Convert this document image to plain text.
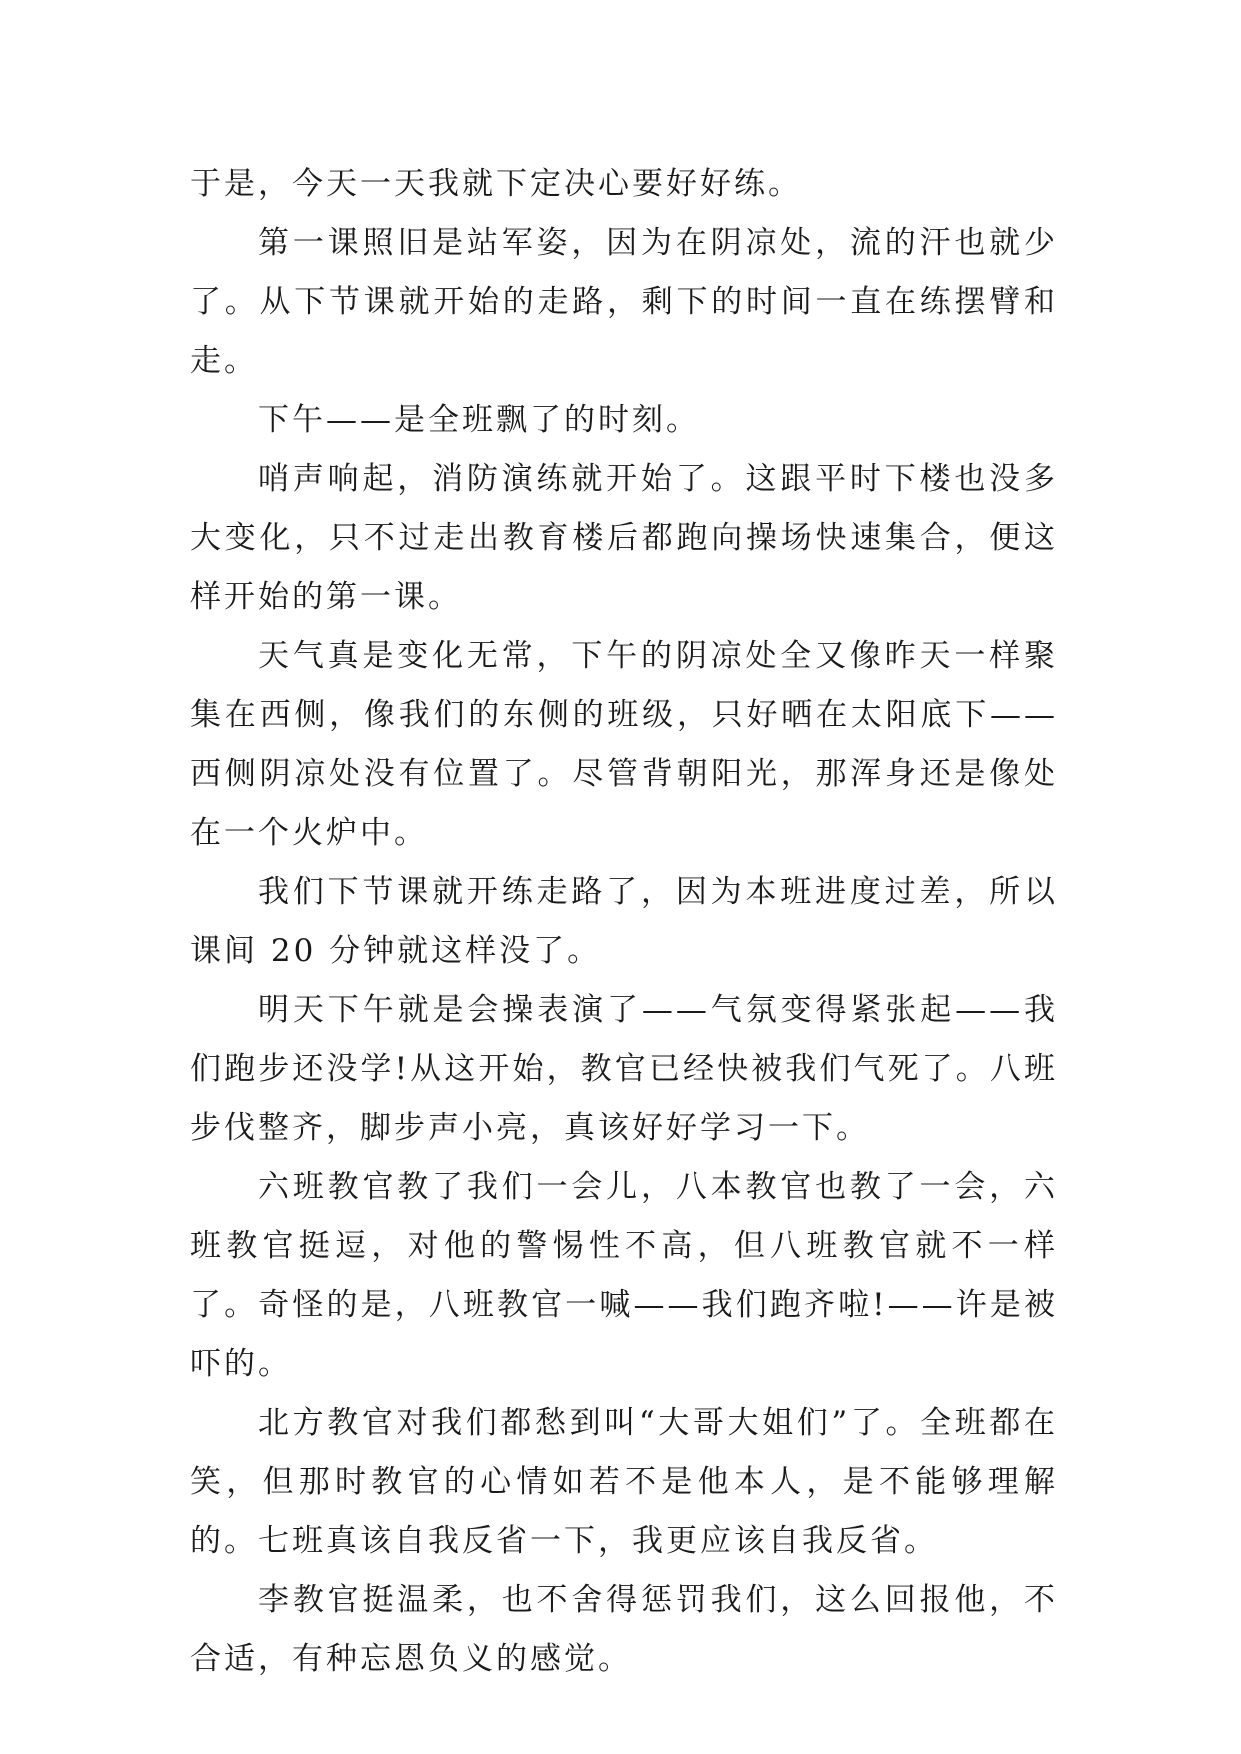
于是，今天一天我就下定决心要好好练。

第一课照旧是站军姿，因为在阴凉处，流的汗也就少了。从下节课就开始的走路，剩下的时间一直在练摆臂和走。

下午——是全班飘了的时刻。

哨声响起，消防演练就开始了。这跟平时下楼也没多大变化，只不过走出教育楼后都跑向操场快速集合，便这样开始的第一课。

天气真是变化无常，下午的阴凉处全又像昨天一样聚集在西侧，像我们的东侧的班级，只好晒在太阳底下——西侧阴凉处没有位置了。尽管背朝阳光，那浑身还是像处在一个火炉中。

我们下节课就开练走路了，因为本班进度过差，所以课间 20 分钟就这样没了。

明天下午就是会操表演了——气氛变得紧张起——我们跑步还没学!从这开始，教官已经快被我们气死了。八班步伐整齐，脚步声小亮，真该好好学习一下。

六班教官教了我们一会儿，八本教官也教了一会，六班教官挺逗，对他的警惕性不高，但八班教官就不一样了。奇怪的是，八班教官一喊——我们跑齐啦!——许是被吓的。

北方教官对我们都愁到叫“大哥大姐们”了。全班都在笑，但那时教官的心情如若不是他本人，是不能够理解的。七班真该自我反省一下，我更应该自我反省。

李教官挺温柔，也不舍得惩罚我们，这么回报他，不合适，有种忘恩负义的感觉。
